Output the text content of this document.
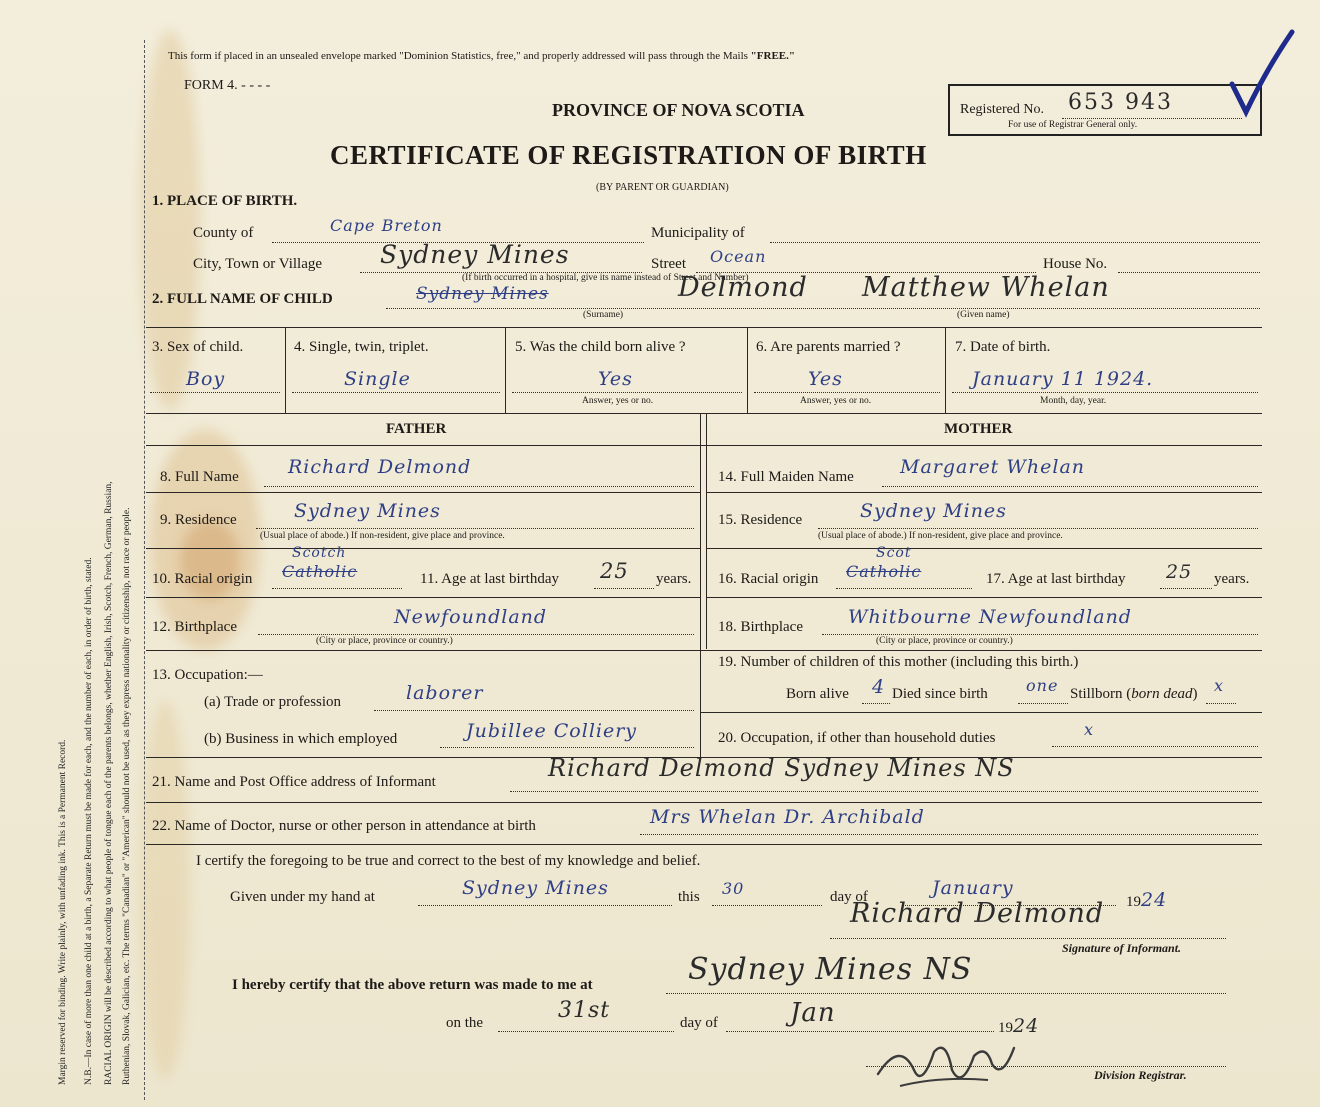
Margin reserved for binding. Write plainly, with unfading ink. This is a Permanent Record. N.B.—In case of more than one child at a birth, a Separate Return must be made for each, and the number of each, in order of birth, stated. RACIAL ORIGIN will be described according to what people of tongue each of the parents belongs, whether English, Irish, Scotch, French, German, Russian, Ruthenian, Slovak, Galician, etc. The terms "Canadian" or "American" should not be used, as they express nationality or citizenship, not race or people.
This form if placed in an unsealed envelope marked "Dominion Statistics, free," and properly addressed will pass through the Mails "FREE."
FORM 4. - - - -
PROVINCE OF NOVA SCOTIA
CERTIFICATE OF REGISTRATION OF BIRTH
(BY PARENT OR GUARDIAN)
Registered No. 653 943
For use of Registrar General only.
1. PLACE OF BIRTH.
County of	Cape Breton	Municipality of
City, Town or Village Sydney Mines
(If birth occurred in a hospital, give its name instead of Street and Number)
Street Ocean	House No.
2. FULL NAME OF CHILD	Sydney Mines	Delmond Matthew Whelan
(Surname)	(Given name)
3. Sex of child.
Boy
4. Single, twin, triplet.
Single
5. Was the child born alive ?
Yes
Answer, yes or no.
6. Are parents married ?
Yes
Answer, yes or no.
7. Date of birth.
January 11 1924.
Month, day, year.
FATHER	MOTHER
8. Full Name	Richard Delmond
9. Residence	Sydney Mines
(Usual place of abode.) If non-resident, give place and province.
10. Racial origin
Scotch
Catholic	11. Age at last birthday 25 years.
12. Birthplace	Newfoundland
(City or place, province or country.)
13. Occupation:—
(a) Trade or profession	laborer
(b) Business in which employed	Jubillee Colliery
14. Full Maiden Name Margaret Whelan
15. Residence	Sydney Mines
(Usual place of abode.) If non-resident, give place and province.
16. Racial origin
Scot
Catholic	17. Age at last birthday 25 years.
18. Birthplace Whitbourne Newfoundland
(City or place, province or country.)
19. Number of children of this mother (including this birth.)
Born alive 4 Died since birth one Stillborn (born dead) x
20. Occupation, if other than household duties	x
21. Name and Post Office address of Informant	Richard Delmond Sydney Mines NS
22. Name of Doctor, nurse or other person in attendance at birth	Mrs Whelan Dr. Archibald
I certify the foregoing to be true and correct to the best of my knowledge and belief.
Given under my hand at	Sydney Mines	this 30	day of	January
1924
Richard Delmond
Signature of Informant.
I hereby certify that the above return was made to me at	Sydney Mines NS
on the	31st	day of	Jan	1924
Division Registrar.
